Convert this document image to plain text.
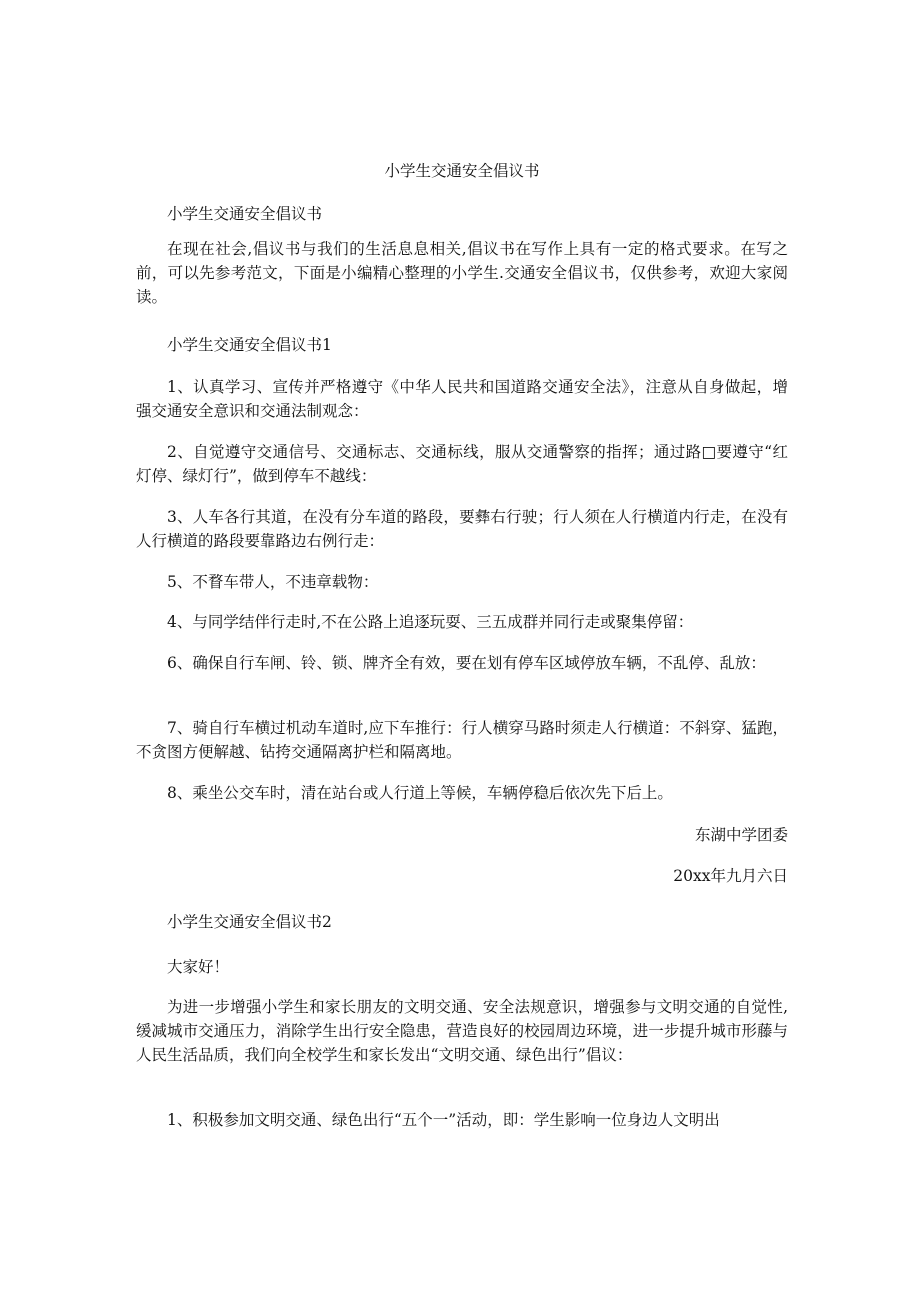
小学生交通安全倡议书

小学生交通安全倡议书

在现在社会,倡议书与我们的生活息息相关,倡议书在写作上具有一定的格式要求。在写之前，可以先参考范文，下面是小编精心整理的小学生.交通安全倡议书，仅供参考，欢迎大家阅读。

小学生交通安全倡议书1

1、认真学习、宣传并严格遵守《中华人民共和国道路交通安全法》，注意从自身做起，增强交通安全意识和交通法制观念：

2、自觉遵守交通信号、交通标志、交通标线，服从交通警察的指挥；通过路□要遵守“红灯停、绿灯行”，做到停车不越线：

3、人车各行其道，在没有分车道的路段，要彝右行驶；行人须在人行横道内行走，在没有人行横道的路段要靠路边右例行走：

5、不瞀车带人，不违章载物：

4、与同学结伴行走时,不在公路上追逐玩耍、三五成群并同行走或聚集停留：

6、确保自行车闸、铃、锁、牌齐全有效，要在划有停车区域停放车辆，不乱停、乱放：

7、骑自行车横过机动车道时,应下车推行：行人横穿马路时须走人行横道：不斜穿、猛跑，不贪图方便解越、钻挎交通隔离护栏和隔离地。

8、乘坐公交车时，清在站台或人行道上等候，车辆停稳后依次先下后上。

东湖中学团委

20xx年九月六日

小学生交通安全倡议书2

大家好！

为进一步增强小学生和家长朋友的文明交通、安全法规意识，增强参与文明交通的自觉性,缓减城市交通压力，消除学生出行安全隐患，营造良好的校园周边环境，进一步提升城市形藤与人民生活品质，我们向全校学生和家长发出“文明交通、绿色出行”倡议：

1、积极参加文明交通、绿色出行“五个一”活动，即：学生影响一位身边人文明出
